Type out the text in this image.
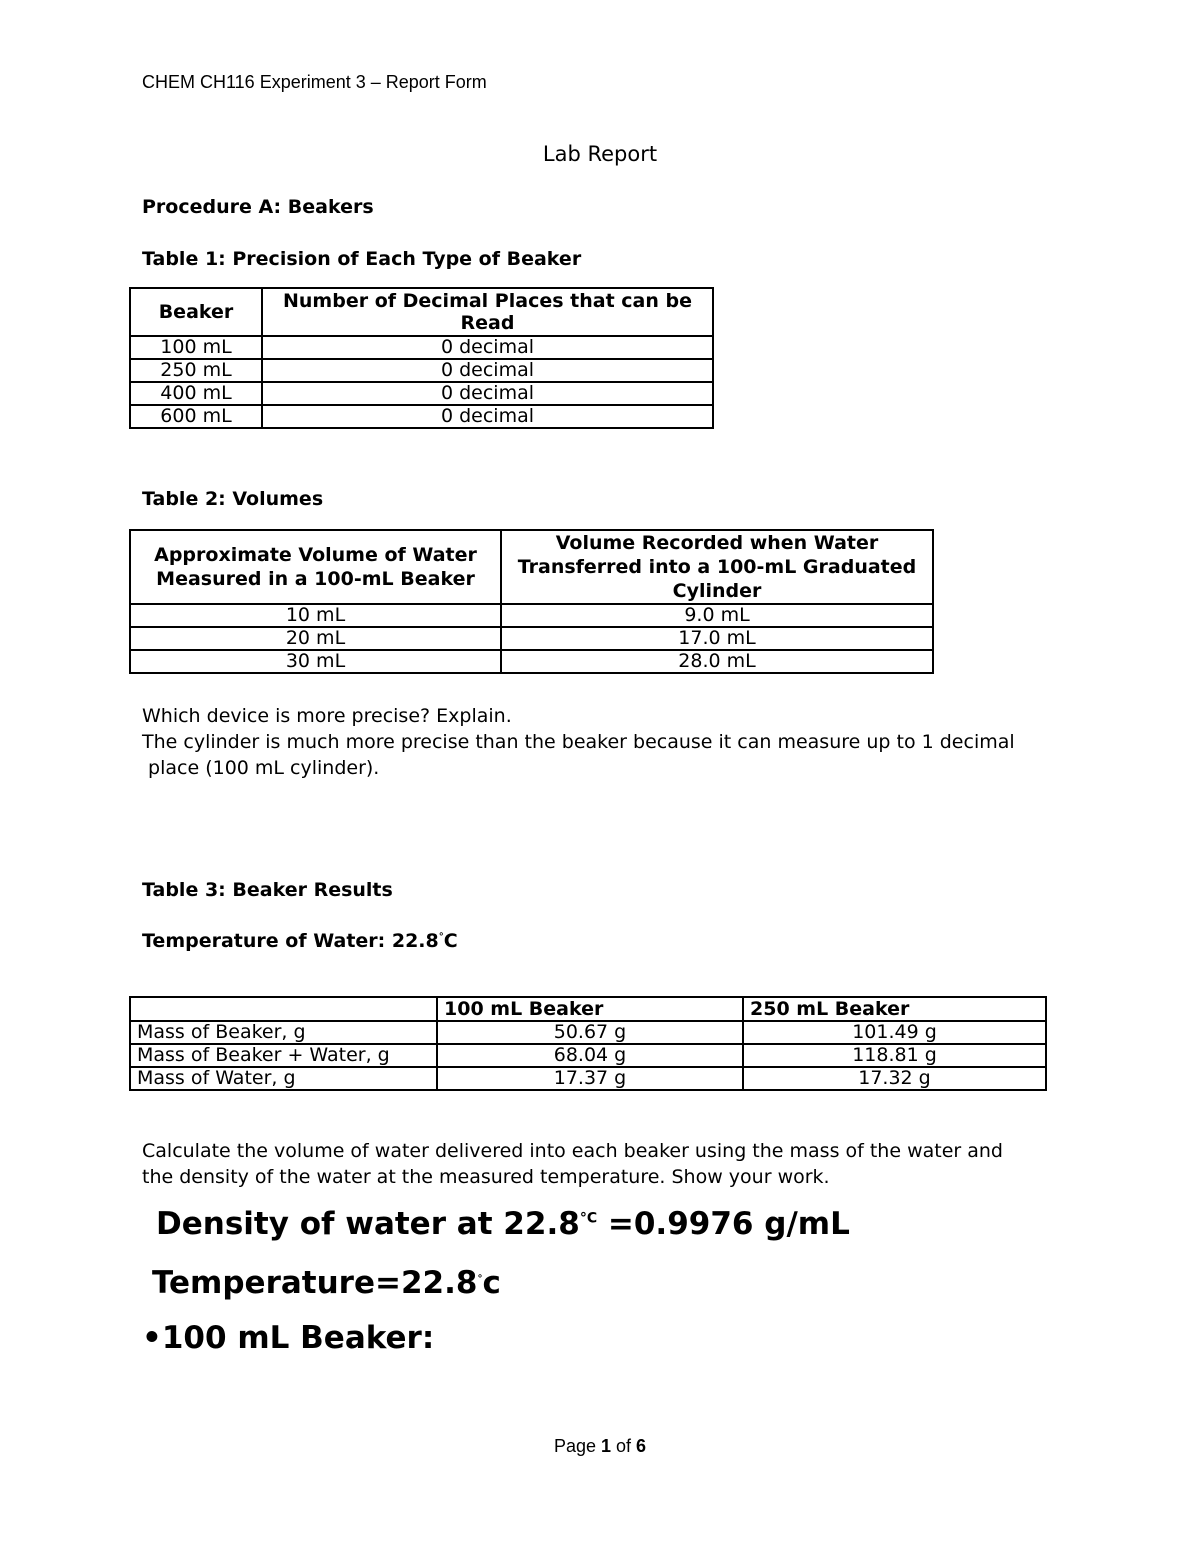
CHEM CH116 Experiment 3 – Report Form
Lab Report
Procedure A: Beakers
Table 1: Precision of Each Type of Beaker
Beaker	Number of Decimal Places that can be Read
100 mL	0 decimal
250 mL	0 decimal
400 mL	0 decimal
600 mL	0 decimal
Table 2: Volumes
Approximate Volume of Water Measured in a 100-mL Beaker	Volume Recorded when Water Transferred into a 100-mL Graduated Cylinder
10 mL	9.0 mL
20 mL	17.0 mL
30 mL	28.0 mL
Which device is more precise? Explain.
The cylinder is much more precise than the beaker because it can measure up to 1 decimal
place (100 mL cylinder).
Table 3: Beaker Results
Temperature of Water: 22.8°C
	100 mL Beaker	250 mL Beaker
Mass of Beaker, g	50.67 g	101.49 g
Mass of Beaker + Water, g	68.04 g	118.81 g
Mass of Water, g	17.37 g	17.32 g
Calculate the volume of water delivered into each beaker using the mass of the water and
the density of the water at the measured temperature. Show your work.
Density of water at $22.8^{^\circ C} =0.9976$ g/mL
Temperature=22.8°c
•100 mL Beaker:
Page 1 of 6
